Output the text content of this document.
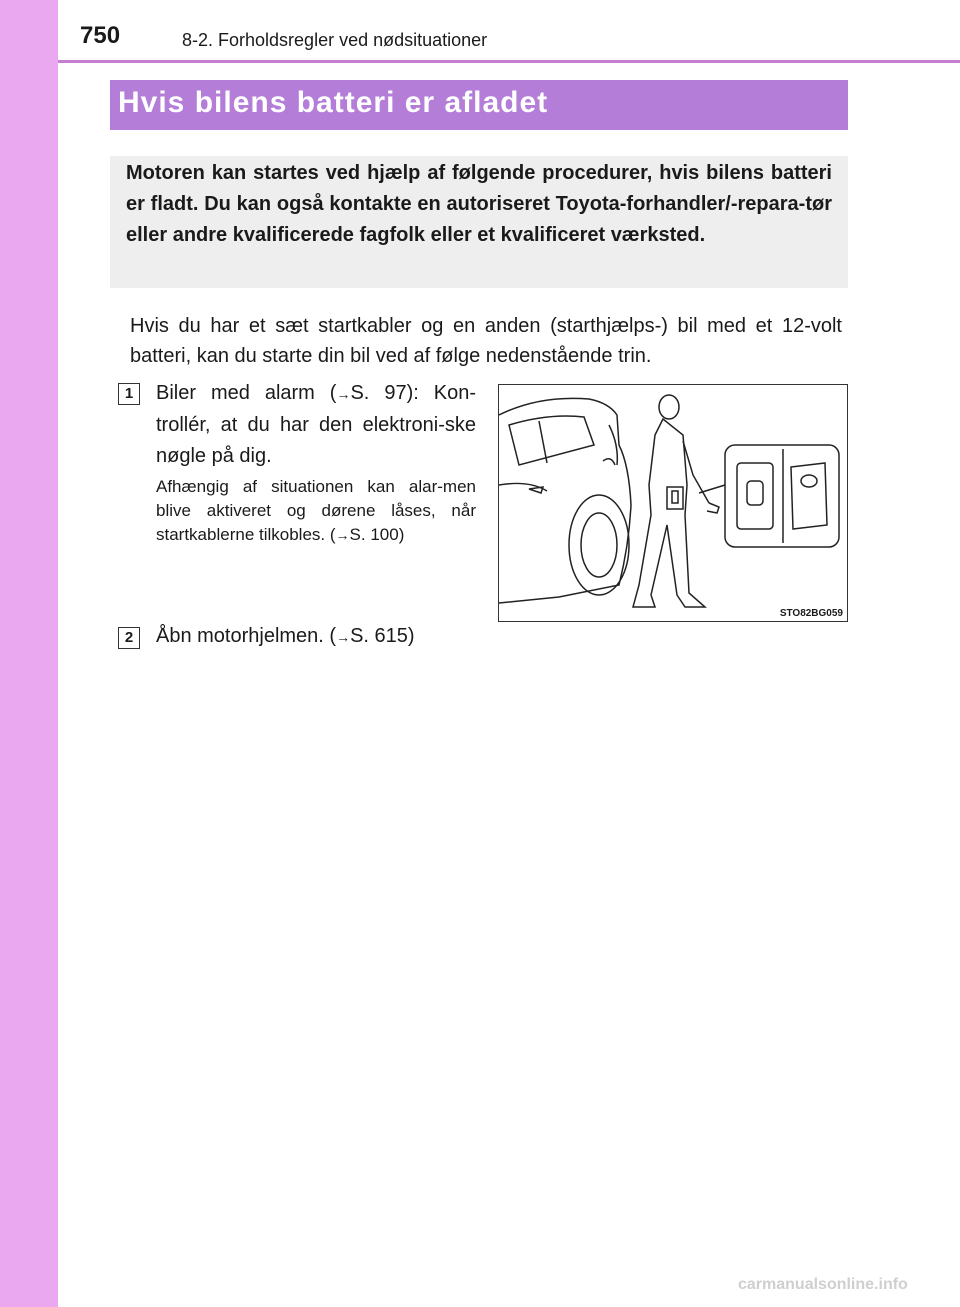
750	8-2. Forholdsregler ved nødsituationer
Hvis bilens batteri er afladet
Motoren kan startes ved hjælp af følgende procedurer, hvis bilens batteri er fladt. Du kan også kontakte en autoriseret Toyota-forhandler/-repara-tør eller andre kvalificerede fagfolk eller et kvalificeret værksted.
Hvis du har et sæt startkabler og en anden (starthjælps-) bil med et 12-volt batteri, kan du starte din bil ved af følge nedenstående trin.
1	Biler med alarm (→S. 97): Kon-trollér, at du har den elektroni-ske nøgle på dig.
Afhængig af situationen kan alar-men blive aktiveret og dørene låses, når startkablerne tilkobles. (→S. 100)
2	Åbn motorhjelmen. (→S. 615)
STO82BG059
carmanualsonline.info
